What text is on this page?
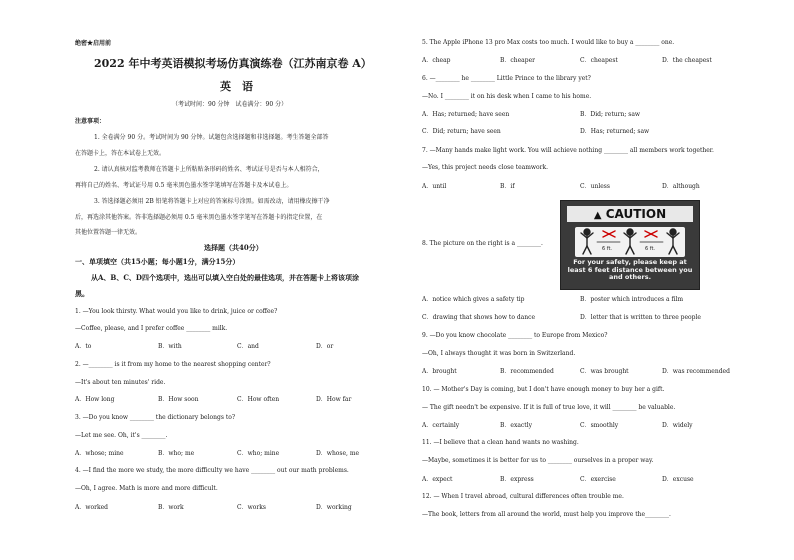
绝密★启用前
2022 年中考英语模拟考场仿真演练卷（江苏南京卷 A）
英　语
（考试时间：90 分钟　试卷满分：90 分）
注意事项：
1. 全卷满分 90 分。考试时间为 90 分钟。试题包含选择题和非选择题。考生答题全部答
在答题卡上，答在本试卷上无效。
2. 请认真核对监考教师在答题卡上所粘贴条形码的姓名、考试证号是否与本人相符合，
再将自己的姓名、考试证号用 0.5 毫米黑色墨水签字笔填写在答题卡及本试卷上。
3. 答选择题必须用 2B 铅笔将答题卡上对应的答案标号涂黑。如需改动，请用橡皮擦干净
后，再选涂其他答案。答非选择题必须用 0.5 毫米黑色墨水签字笔写在答题卡的指定位置，在
其他位置答题一律无效。
选择题（共40分）
一、单项填空（共15小题；每小题1分，满分15分）
从A、B、C、D四个选项中，选出可以填入空白处的最佳选项，并在答题卡上将该项涂
黑。
1. —You look thirsty. What would you like to drink, juice or coffee?
—Coffee, please, and I prefer coffee ________ milk.
A．to	B．with	C．and	D．or
2. —________ is it from my home to the nearest shopping center?
—It's about ten minutes' ride.
A．How long	B．How soon	C．How often	D．How far
3. —Do you know ________ the dictionary belongs to?
—Let me see. Oh, it's ________.
A．whose; mine	B．who; me	C．who; mine	D．whose, me
4. —I find the more we study, the more difficulty we have ________ out our math problems.
—Oh, I agree. Math is more and more difficult.
A．worked	B．work	C．works	D．working
5. The Apple iPhone 13 pro Max costs too much. I would like to buy a ________ one.
A．cheap	B．cheaper	C．cheapest	D．the cheapest
6. —________ he ________ Little Prince to the library yet?
—No. I ________ it on his desk when I came to his home.
A．Has; returned; have seen	B．Did; return; saw
C．Did; return; have seen	D．Has; returned; saw
7. —Many hands make light work. You will achieve nothing ________ all members work together.
—Yes, this project needs close teamwork.
A．until	B．if	C．unless	D．although
8. The picture on the right is a ________.
▲ CAUTION
6 ft.	6 ft.
For your safety, please keep at least 6 feet distance between you and others.
A．notice which gives a safety tip	B．poster which introduces a film
C．drawing that shows how to dance	D．letter that is written to three people
9. —Do you know chocolate ________ to Europe from Mexico?
—Oh, I always thought it was born in Switzerland.
A．brought	B．recommended	C．was brought	D．was recommended
10. — Mother's Day is coming, but I don't have enough money to buy her a gift.
— The gift needn't be expensive. If it is full of true love, it will ________ be valuable.
A．certainly	B．exactly	C．smoothly	D．widely
11. —I believe that a clean hand wants no washing.
—Maybe, sometimes it is better for us to ________ ourselves in a proper way.
A．expect	B．express	C．exercise	D．excuse
12. — When I travel abroad, cultural differences often trouble me.
—The book, letters from all around the world, must help you improve the________.
